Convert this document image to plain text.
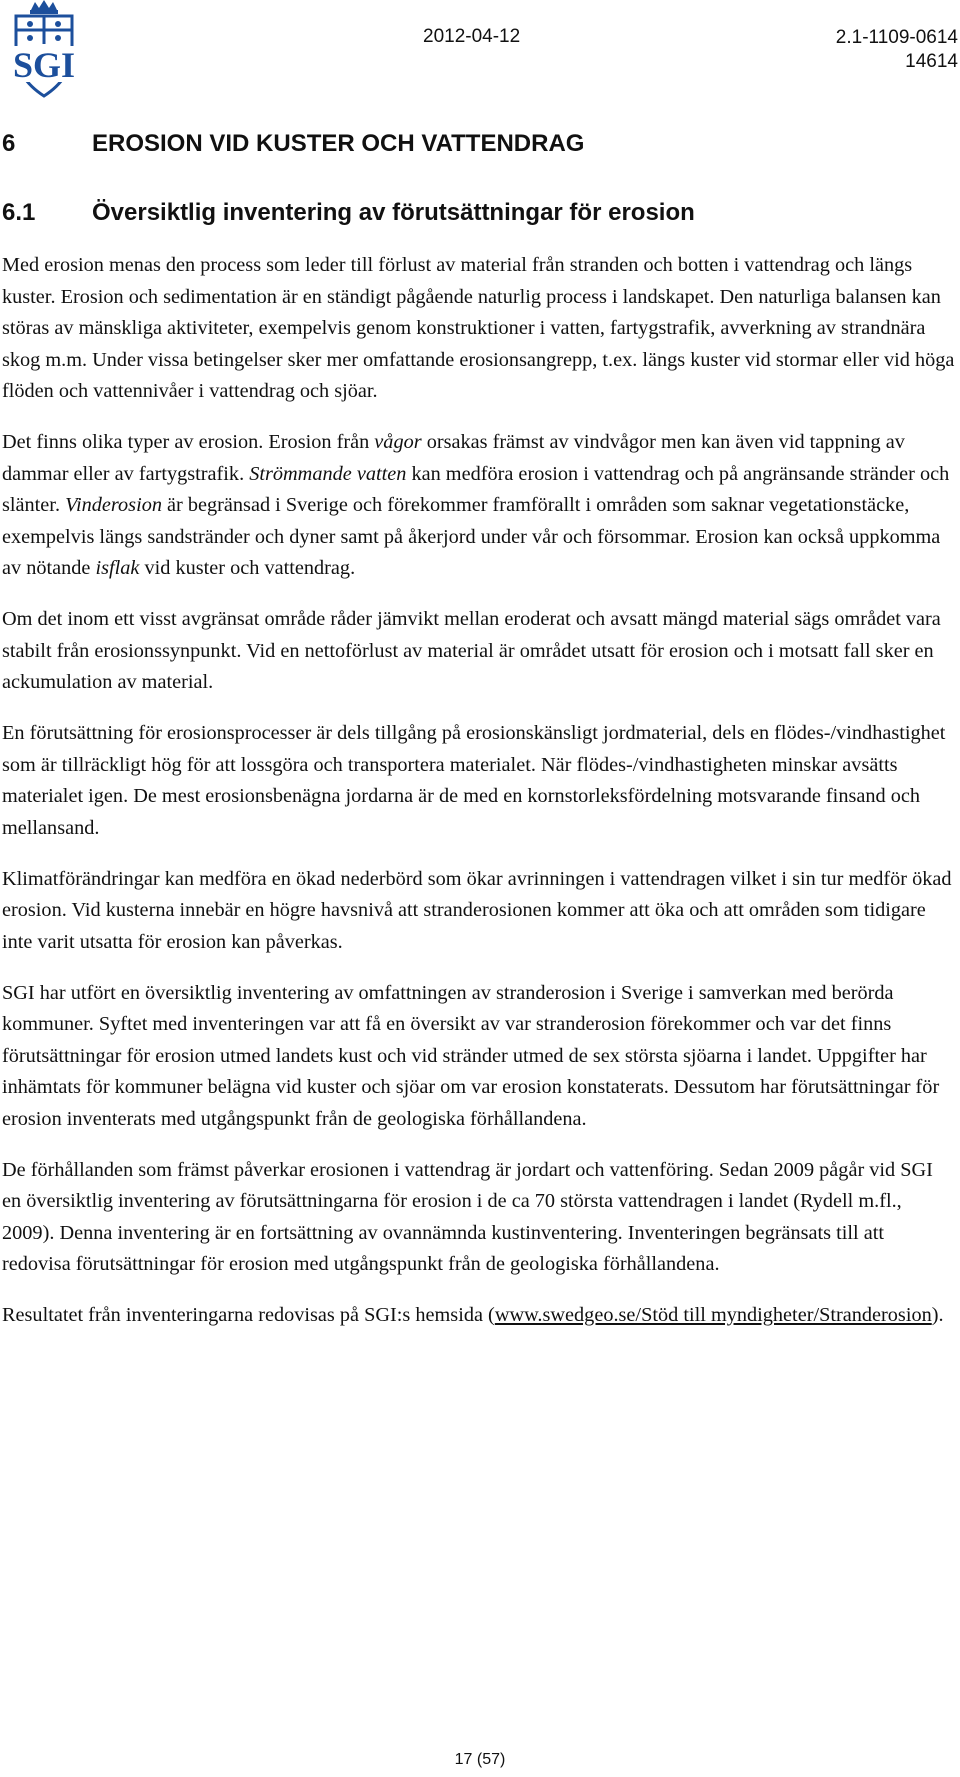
SGI
2012-04-12	2.1-1109-0614
14614
6	EROSION VID KUSTER OCH VATTENDRAG
6.1 Översiktlig inventering av förutsättningar för erosion

Med erosion menas den process som leder till förlust av material från stranden och botten i vattendrag och längs kuster. Erosion och sedimentation är en ständigt pågående naturlig process i landskapet. Den naturliga balansen kan störas av mänskliga aktiviteter, exempelvis genom konstruktioner i vatten, fartygstrafik, avverkning av strandnära skog m.m. Under vissa betingelser sker mer omfattande erosionsangrepp, t.ex. längs kuster vid stormar eller vid höga flöden och vattennivåer i vattendrag och sjöar.

Det finns olika typer av erosion. Erosion från vågor orsakas främst av vindvågor men kan även vid tappning av dammar eller av fartygstrafik. Strömmande vatten kan medföra erosion i vattendrag och på angränsande stränder och slänter. Vinderosion är begränsad i Sverige och förekommer framförallt i områden som saknar vegetationstäcke, exempelvis längs sandstränder och dyner samt på åkerjord under vår och försommar. Erosion kan också uppkomma av nötande isflak vid kuster och vattendrag.

Om det inom ett visst avgränsat område råder jämvikt mellan eroderat och avsatt mängd material sägs området vara stabilt från erosionssynpunkt. Vid en nettoförlust av material är området utsatt för erosion och i motsatt fall sker en ackumulation av material.

En förutsättning för erosionsprocesser är dels tillgång på erosionskänsligt jordmaterial, dels en flödes-/vindhastighet som är tillräckligt hög för att lossgöra och transportera materialet. När flödes-/vindhastigheten minskar avsätts materialet igen. De mest erosionsbenägna jordarna är de med en kornstorleksfördelning motsvarande finsand och mellansand.

Klimatförändringar kan medföra en ökad nederbörd som ökar avrinningen i vattendragen vilket i sin tur medför ökad erosion. Vid kusterna innebär en högre havsnivå att stranderosionen kommer att öka och att områden som tidigare inte varit utsatta för erosion kan påverkas.

SGI har utfört en översiktlig inventering av omfattningen av stranderosion i Sverige i samverkan med berörda kommuner. Syftet med inventeringen var att få en översikt av var stranderosion förekommer och var det finns förutsättningar för erosion utmed landets kust och vid stränder utmed de sex största sjöarna i landet. Uppgifter har inhämtats för kommuner belägna vid kuster och sjöar om var erosion konstaterats. Dessutom har förutsättningar för erosion inventerats med utgångspunkt från de geologiska förhållandena.

De förhållanden som främst påverkar erosionen i vattendrag är jordart och vattenföring. Sedan 2009 pågår vid SGI en översiktlig inventering av förutsättningarna för erosion i de ca 70 största vattendragen i landet (Rydell m.fl., 2009). Denna inventering är en fortsättning av ovannämnda kustinventering. Inventeringen begränsats till att redovisa förutsättningar för erosion med utgångspunkt från de geologiska förhållandena.

Resultatet från inventeringarna redovisas på SGI:s hemsida (www.swedgeo.se/Stöd till myndigheter/Stranderosion).

17 (57)
